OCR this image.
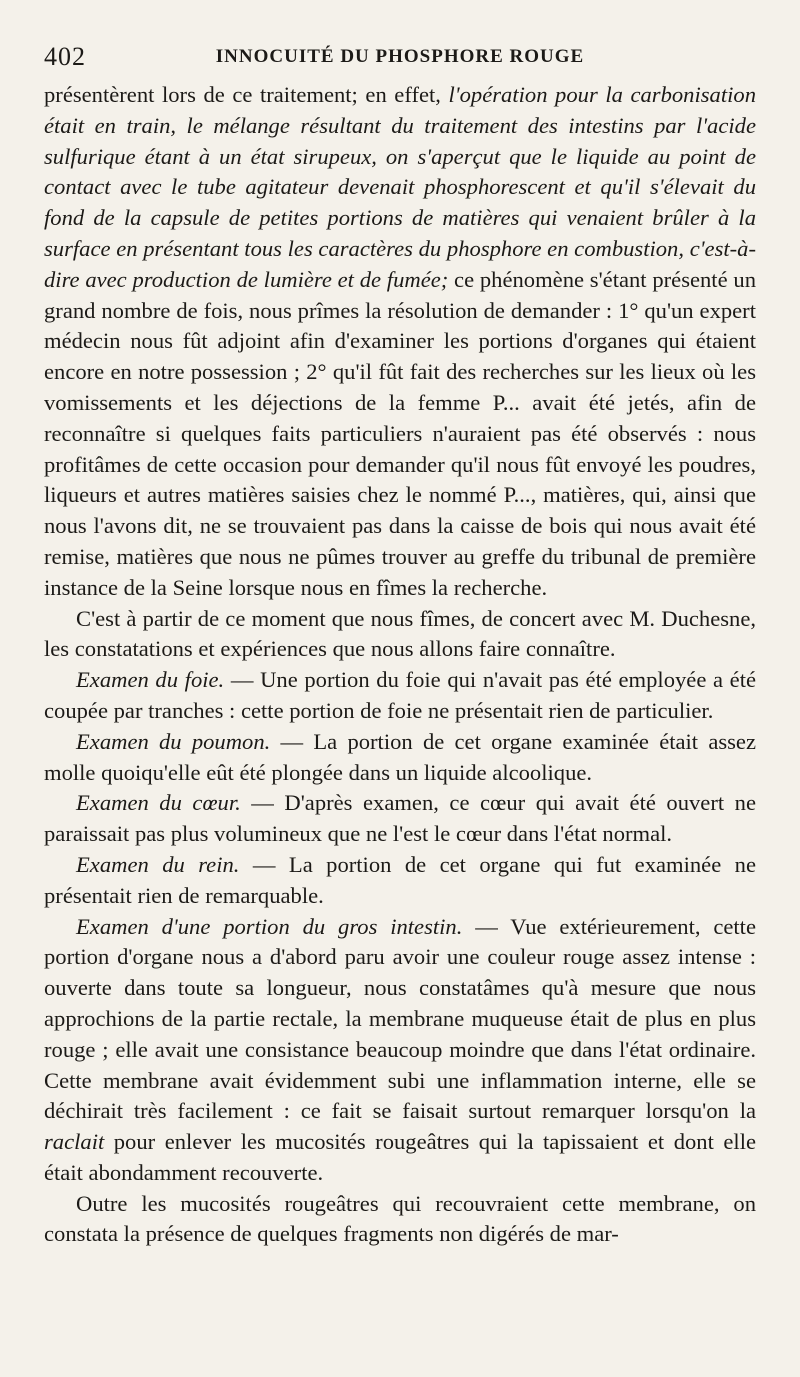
402	INNOCUITÉ DU PHOSPHORE ROUGE

présentèrent lors de ce traitement; en effet, l'opération pour la carbonisation était en train, le mélange résultant du traitement des intestins par l'acide sulfurique étant à un état sirupeux, on s'aperçut que le liquide au point de contact avec le tube agitateur devenait phosphorescent et qu'il s'élevait du fond de la capsule de petites portions de matières qui venaient brûler à la surface en présentant tous les caractères du phosphore en combustion, c'est-à-dire avec production de lumière et de fumée; ce phénomène s'étant présenté un grand nombre de fois, nous prîmes la résolution de demander : 1° qu'un expert médecin nous fût adjoint afin d'examiner les portions d'organes qui étaient encore en notre possession ; 2° qu'il fût fait des recherches sur les lieux où les vomissements et les déjections de la femme P... avait été jetés, afin de reconnaître si quelques faits particuliers n'auraient pas été observés : nous profitâmes de cette occasion pour demander qu'il nous fût envoyé les poudres, liqueurs et autres matières saisies chez le nommé P..., matières, qui, ainsi que nous l'avons dit, ne se trouvaient pas dans la caisse de bois qui nous avait été remise, matières que nous ne pûmes trouver au greffe du tribunal de première instance de la Seine lorsque nous en fîmes la recherche.

C'est à partir de ce moment que nous fîmes, de concert avec M. Duchesne, les constatations et expériences que nous allons faire connaître.

Examen du foie. — Une portion du foie qui n'avait pas été employée a été coupée par tranches : cette portion de foie ne présentait rien de particulier.

Examen du poumon. — La portion de cet organe examinée était assez molle quoiqu'elle eût été plongée dans un liquide alcoolique.

Examen du cœur. — D'après examen, ce cœur qui avait été ouvert ne paraissait pas plus volumineux que ne l'est le cœur dans l'état normal.

Examen du rein. — La portion de cet organe qui fut examinée ne présentait rien de remarquable.

Examen d'une portion du gros intestin. — Vue extérieurement, cette portion d'organe nous a d'abord paru avoir une couleur rouge assez intense : ouverte dans toute sa longueur, nous constatâmes qu'à mesure que nous approchions de la partie rectale, la membrane muqueuse était de plus en plus rouge ; elle avait une consistance beaucoup moindre que dans l'état ordinaire. Cette membrane avait évidemment subi une inflammation interne, elle se déchirait très facilement : ce fait se faisait surtout remarquer lorsqu'on la raclait pour enlever les mucosités rougeâtres qui la tapissaient et dont elle était abondamment recouverte.

Outre les mucosités rougeâtres qui recouvraient cette membrane, on constata la présence de quelques fragments non digérés de mar-
